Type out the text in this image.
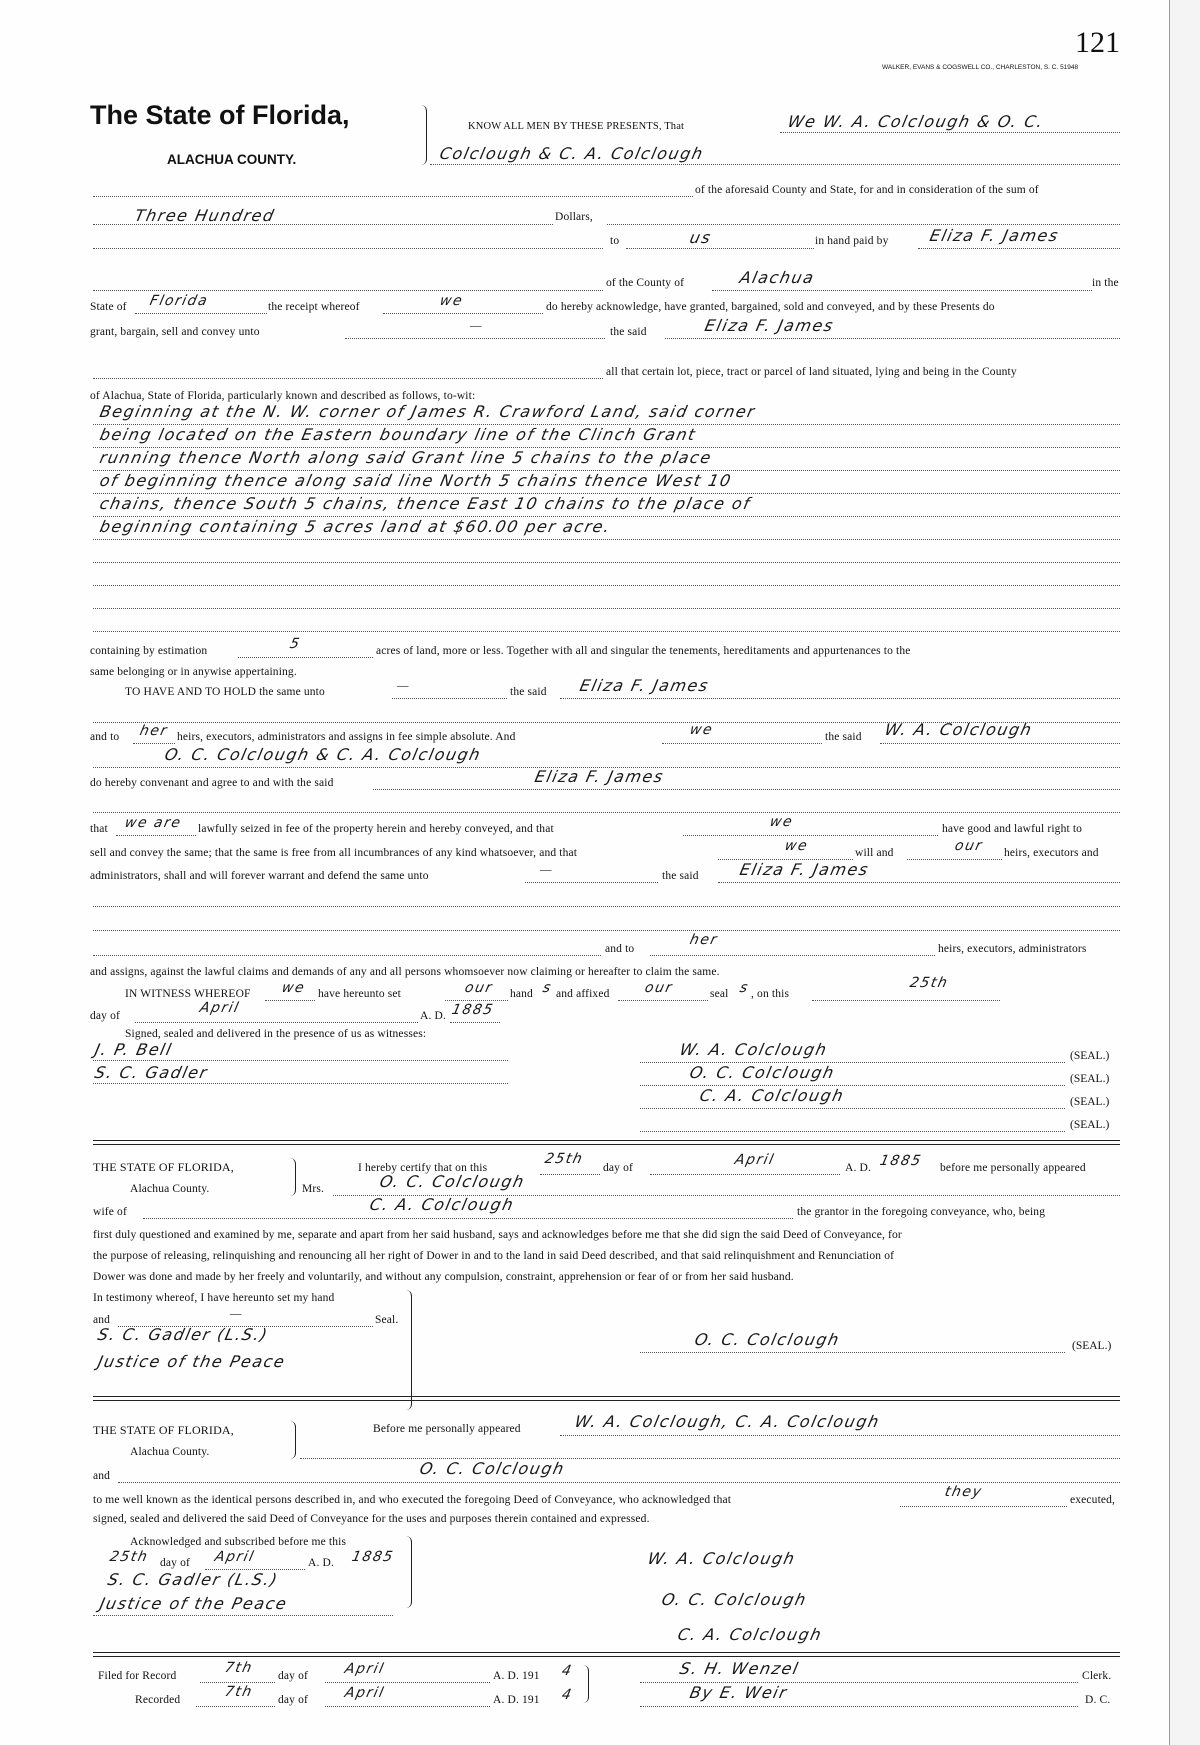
121
WALKER, EVANS & COGSWELL CO., CHARLESTON, S. C. 51948
The State of Florida,
ALACHUA COUNTY.
KNOW ALL MEN BY THESE PRESENTS, That	We W. A. Colclough & O. C.
Colclough & C. A. Colclough
of the aforesaid County and State, for and in consideration of the sum of
Three Hundred	Dollars,
to	us	in hand paid by Eliza F. James
of the County of	Alachua	in the
State of Florida	the receipt whereof	we	do hereby acknowledge, have granted, bargained, sold and conveyed, and by these Presents do
grant, bargain, sell and convey unto	—	the said	Eliza F. James
all that certain lot, piece, tract or parcel of land situated, lying and being in the County
of Alachua, State of Florida, particularly known and described as follows, to-wit:
Beginning at the N. W. corner of James R. Crawford Land, said corner
being located on the Eastern boundary line of the Clinch Grant
running thence North along said Grant line 5 chains to the place
of beginning thence along said line North 5 chains thence West 10
chains, thence South 5 chains, thence East 10 chains to the place of
beginning containing 5 acres land at $60.00 per acre.
containing by estimation	5	acres of land, more or less. Together with all and singular the tenements, hereditaments and appurtenances to the
same belonging or in anywise appertaining.
TO HAVE AND TO HOLD the same unto	—	the said Eliza F. James
and to her heirs, executors, administrators and assigns in fee simple absolute. And	we	the said W. A. Colclough
O. C. Colclough & C. A. Colclough
do hereby convenant and agree to and with the said	Eliza F. James
that we are lawfully seized in fee of the property herein and hereby conveyed, and that	we	have good and lawful right to
sell and convey the same; that the same is free from all incumbrances of any kind whatsoever, and that	we	will and	our heirs, executors and
administrators, shall and will forever warrant and defend the same unto	—	the said Eliza F. James
and to
her
heirs, executors, administrators
and assigns, against the lawful claims and demands of any and all persons whomsoever now claiming or hereafter to claim the same.
IN WITNESS WHEREOF we have hereunto set	our hand s and affixed our	seal s , on this
25th
day of	April	A. D. 1885
Signed, sealed and delivered in the presence of us as witnesses:
J. P. Bell
S. C. Gadler
W. A. Colclough	(SEAL.)
O. C. Colclough	(SEAL.)
C. A. Colclough	(SEAL.)
(SEAL.)
THE STATE OF FLORIDA,
Alachua County.
I hereby certify that on this
25th
day of	April	A. D. 1885 before me personally appeared
Mrs.	O. C. Colclough
wife of	C. A. Colclough	the grantor in the foregoing conveyance, who, being
first duly questioned and examined by me, separate and apart from her said husband, says and acknowledges before me that she did sign the said Deed of Conveyance, for
the purpose of releasing, relinquishing and renouncing all her right of Dower in and to the land in said Deed described, and that said relinquishment and Renunciation of
Dower was done and made by her freely and voluntarily, and without any compulsion, constraint, apprehension or fear of or from her said husband.
In testimony whereof, I have hereunto set my hand
and	—	Seal.
S. C. Gadler (L.S.)
Justice of the Peace
O. C. Colclough	(SEAL.)
THE STATE OF FLORIDA,
Alachua County.
Before me personally appeared	W. A. Colclough, C. A. Colclough
and	O. C. Colclough
to me well known as the identical persons described in, and who executed the foregoing Deed of Conveyance, who acknowledged that	they	executed,
signed, sealed and delivered the said Deed of Conveyance for the uses and purposes therein contained and expressed.
Acknowledged and subscribed before me this
25th day of April	A. D. 1885
S. C. Gadler (L.S.)
Justice of the Peace
W. A. Colclough
O. C. Colclough
C. A. Colclough
Filed for Record	7th day of	April	A. D. 191 4
Recorded	7th day of	April	A. D. 191 4
S. H. Wenzel	Clerk.
By E. Weir	D. C.
